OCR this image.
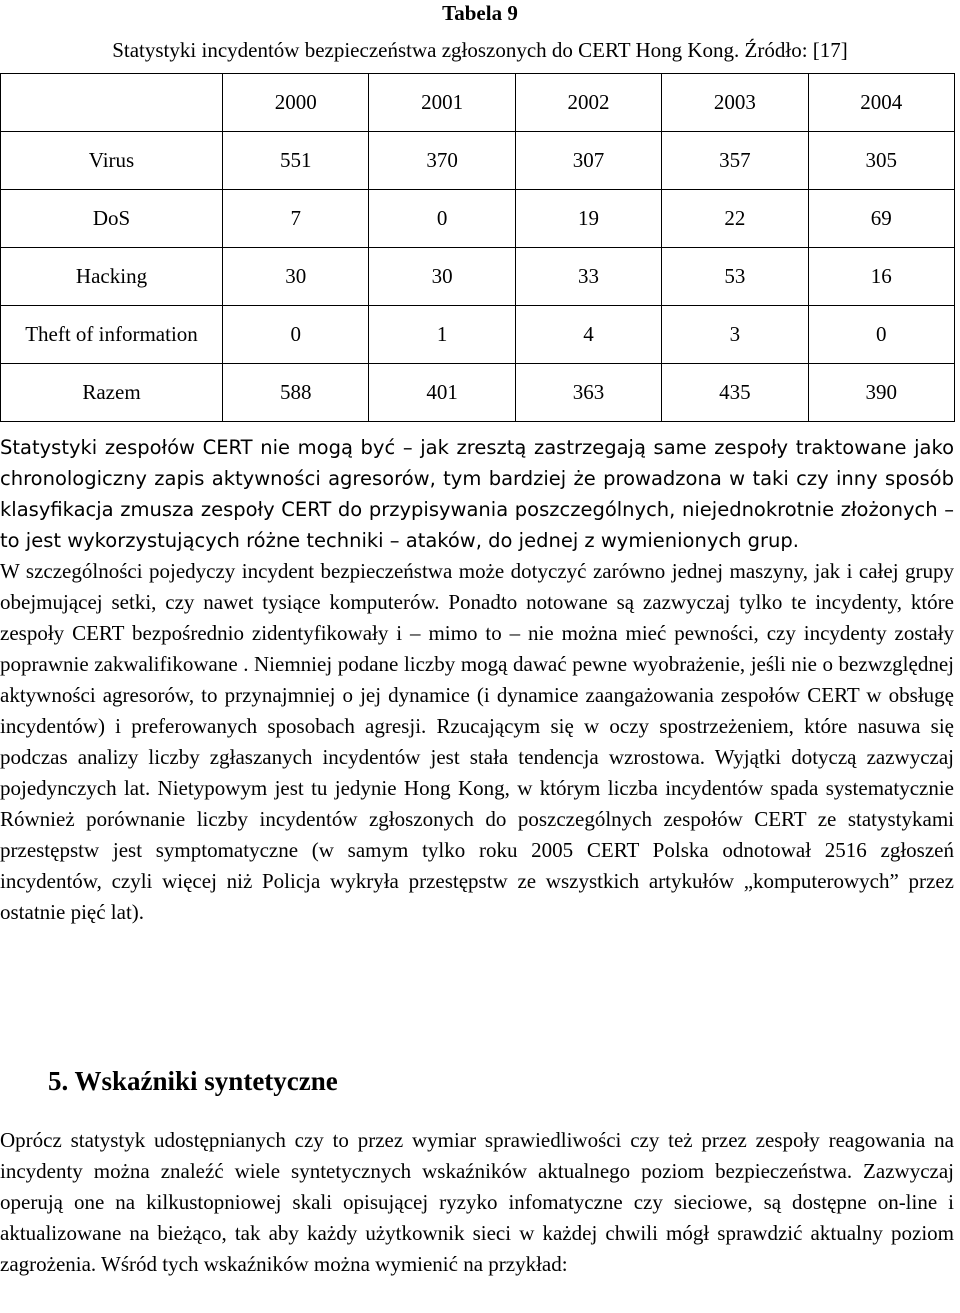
Tabela 9
Statystyki incydentów bezpieczeństwa zgłoszonych do CERT Hong Kong. Źródło: [17]
	2000	2001	2002	2003	2004
Virus	551	370	307	357	305
DoS	7	0	19	22	69
Hacking	30	30	33	53	16
Theft of information	0	1	4	3	0
Razem	588	401	363	435	390

Statystyki zespołów CERT nie mogą być – jak zresztą zastrzegają same zespoły traktowane jako chronologiczny zapis aktywności agresorów, tym bardziej że prowadzona w taki czy inny sposób klasyfikacja zmusza zespoły CERT do przypisywania poszczególnych, niejednokrotnie złożonych – to jest wykorzystujących różne techniki – ataków, do jednej z wymienionych grup.

W szczególności pojedyczy incydent bezpieczeństwa może dotyczyć zarówno jednej maszyny, jak i całej grupy obejmującej setki, czy nawet tysiące komputerów. Ponadto notowane są zazwyczaj tylko te incydenty, które zespoły CERT bezpośrednio zidentyfikowały i – mimo to – nie można mieć pewności, czy incydenty zostały poprawnie zakwalifikowane . Niemniej podane liczby mogą dawać pewne wyobrażenie, jeśli nie o bezwzględnej aktywności agresorów, to przynajmniej o jej dynamice (i dynamice zaangażowania zespołów CERT w obsługę incydentów) i preferowanych sposobach agresji. Rzucającym się w oczy spostrzeżeniem, które nasuwa się podczas analizy liczby zgłaszanych incydentów jest stała tendencja wzrostowa. Wyjątki dotyczą zazwyczaj pojedynczych lat. Nietypowym jest tu jedynie Hong Kong, w którym liczba incydentów spada systematycznie Również porównanie liczby incydentów zgłoszonych do poszczególnych zespołów CERT ze statystykami przestępstw jest symptomatyczne (w samym tylko roku 2005 CERT Polska odnotował 2516 zgłoszeń incydentów, czyli więcej niż Policja wykryła przestępstw ze wszystkich artykułów „komputerowych” przez ostatnie pięć lat).

5. Wskaźniki syntetyczne

Oprócz statystyk udostępnianych czy to przez wymiar sprawiedliwości czy też przez zespoły reagowania na incydenty można znaleźć wiele syntetycznych wskaźników aktualnego poziom bezpieczeństwa. Zazwyczaj operują one na kilkustopniowej skali opisującej ryzyko infomatyczne czy sieciowe, są dostępne on-line i aktualizowane na bieżąco, tak aby każdy użytkownik sieci w każdej chwili mógł sprawdzić aktualny poziom zagrożenia. Wśród tych wskaźników można wymienić na przykład:
